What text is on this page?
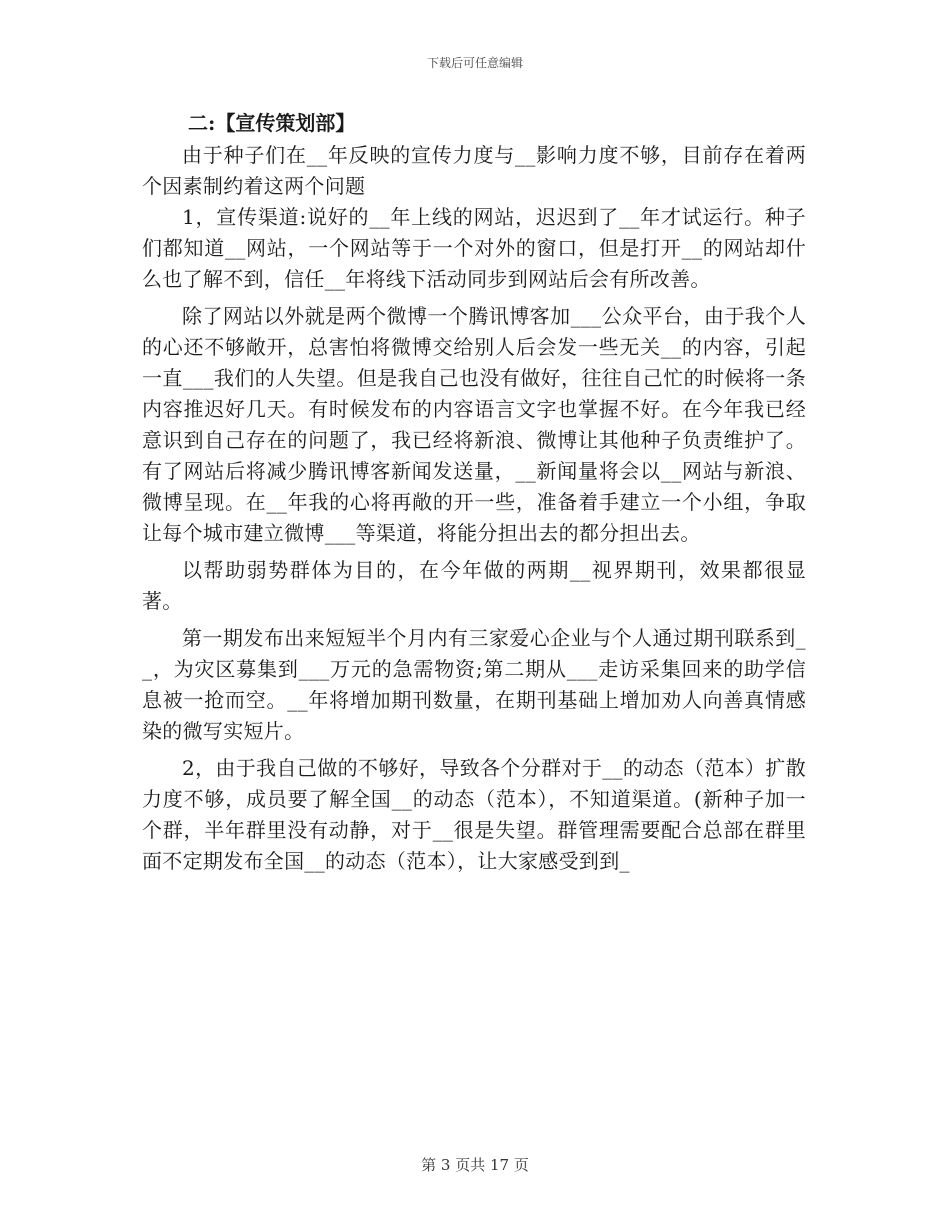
下载后可任意编辑

二:【宣传策划部】

由于种子们在__年反映的宣传力度与__影响力度不够，目前存在着两个因素制约着这两个问题

1，宣传渠道:说好的__年上线的网站，迟迟到了__年才试运行。种子们都知道__网站，一个网站等于一个对外的窗口，但是打开__的网站却什么也了解不到，信任__年将线下活动同步到网站后会有所改善。

除了网站以外就是两个微博一个腾讯博客加___公众平台，由于我个人的心还不够敞开，总害怕将微博交给别人后会发一些无关__的内容，引起一直___我们的人失望。但是我自己也没有做好，往往自己忙的时候将一条内容推迟好几天。有时候发布的内容语言文字也掌握不好。在今年我已经意识到自己存在的问题了，我已经将新浪、微博让其他种子负责维护了。有了网站后将减少腾讯博客新闻发送量，__新闻量将会以__网站与新浪、微博呈现。在__年我的心将再敞的开一些，准备着手建立一个小组，争取让每个城市建立微博___等渠道，将能分担出去的都分担出去。

以帮助弱势群体为目的，在今年做的两期__视界期刊，效果都很显著。

第一期发布出来短短半个月内有三家爱心企业与个人通过期刊联系到__，为灾区募集到___万元的急需物资;第二期从___走访采集回来的助学信息被一抢而空。__年将增加期刊数量，在期刊基础上增加劝人向善真情感染的微写实短片。

2，由于我自己做的不够好，导致各个分群对于__的动态（范本）扩散力度不够，成员要了解全国__的动态（范本），不知道渠道。(新种子加一个群，半年群里没有动静，对于__很是失望。群管理需要配合总部在群里面不定期发布全国__的动态（范本），让大家感受到到_

第 3 页共 17 页
